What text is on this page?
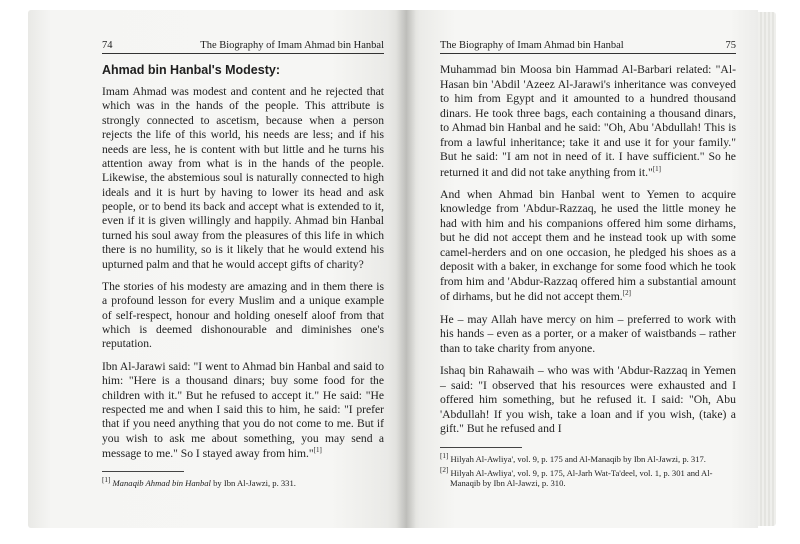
74	The Biography of Imam Ahmad bin Hanbal
Ahmad bin Hanbal's Modesty:

Imam Ahmad was modest and content and he rejected that which was in the hands of the people. This attribute is strongly connected to ascetism, because when a person rejects the life of this world, his needs are less; and if his needs are less, he is content with but little and he turns his attention away from what is in the hands of the people. Likewise, the abstemious soul is naturally connected to high ideals and it is hurt by having to lower its head and ask people, or to bend its back and accept what is extended to it, even if it is given willingly and happily. Ahmad bin Hanbal turned his soul away from the pleasures of this life in which there is no humility, so is it likely that he would extend his upturned palm and that he would accept gifts of charity?

The stories of his modesty are amazing and in them there is a profound lesson for every Muslim and a unique example of self-respect, honour and holding oneself aloof from that which is deemed dishonourable and diminishes one's reputation.

Ibn Al-Jarawi said: "I went to Ahmad bin Hanbal and said to him: "Here is a thousand dinars; buy some food for the children with it." But he refused to accept it." He said: "He respected me and when I said this to him, he said: "I prefer that if you need anything that you do not come to me. But if you wish to ask me about something, you may send a message to me." So I stayed away from him."[1]

[1] Manaqib Ahmad bin Hanbal by Ibn Al-Jawzi, p. 331.

The Biography of Imam Ahmad bin Hanbal	75

Muhammad bin Moosa bin Hammad Al-Barbari related: "Al-Hasan bin 'Abdil 'Azeez Al-Jarawi's inheritance was conveyed to him from Egypt and it amounted to a hundred thousand dinars. He took three bags, each containing a thousand dinars, to Ahmad bin Hanbal and he said: "Oh, Abu 'Abdullah! This is from a lawful inheritance; take it and use it for your family." But he said: "I am not in need of it. I have sufficient." So he returned it and did not take anything from it."[1]

And when Ahmad bin Hanbal went to Yemen to acquire knowledge from 'Abdur-Razzaq, he used the little money he had with him and his companions offered him some dirhams, but he did not accept them and he instead took up with some camel-herders and on one occasion, he pledged his shoes as a deposit with a baker, in exchange for some food which he took from him and 'Abdur-Razzaq offered him a substantial amount of dirhams, but he did not accept them.[2]

He – may Allah have mercy on him – preferred to work with his hands – even as a porter, or a maker of waistbands – rather than to take charity from anyone.

Ishaq bin Rahawaih – who was with 'Abdur-Razzaq in Yemen – said: "I observed that his resources were exhausted and I offered him something, but he refused it. I said: "Oh, Abu 'Abdullah! If you wish, take a loan and if you wish, (take) a gift." But he refused and I

[1] Hilyah Al-Awliya', vol. 9, p. 175 and Al-Manaqib by Ibn Al-Jawzi, p. 317.

[2] Hilyah Al-Awliya', vol. 9, p. 175, Al-Jarh Wat-Ta'deel, vol. 1, p. 301 and Al-Manaqib by Ibn Al-Jawzi, p. 310.
